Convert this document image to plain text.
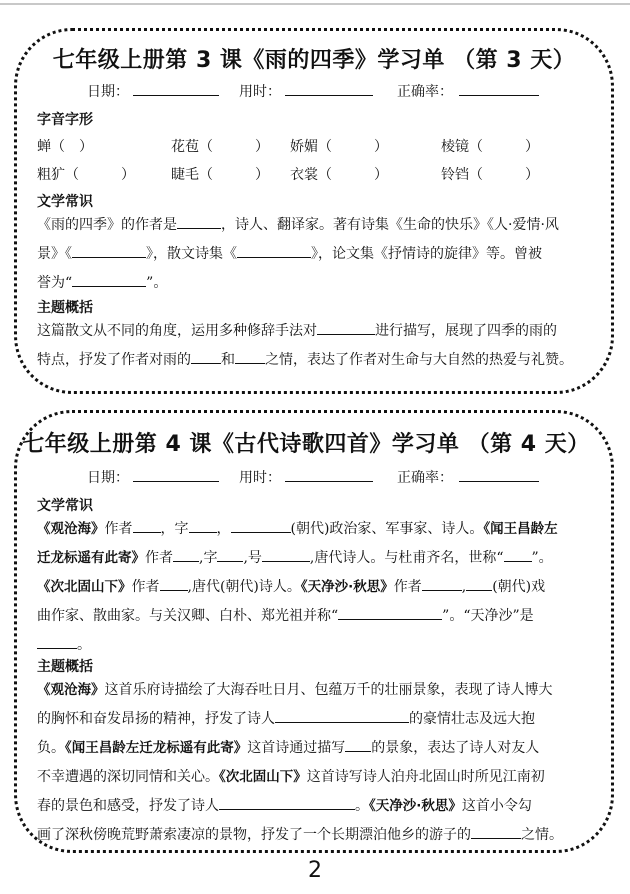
七年级上册第 3 课《雨的四季》学习单 （第 3 天）
日期：	用时：	正确率：
字音字形
蝉（　）	花苞（　　　） 娇媚（　　　）	棱镜（　　　）
粗犷（　　　）	睫毛（　　　） 衣裳（　　　）	铃铛（　　　）
文学常识
《雨的四季》的作者是	，诗人、翻译家。著有诗集《生命的快乐》《人·爱情·风
景》《	》，散文诗集《	》，论文集《抒情诗的旋律》等。曾被
誉为“	”。
主题概括
这篇散文从不同的角度，运用多种修辞手法对	进行描写，展现了四季的雨的
特点，抒发了作者对雨的 和 之情，表达了作者对生命与大自然的热爱与礼赞。
七年级上册第 4 课《古代诗歌四首》学习单 （第 4 天）
日期：	用时：	正确率：
文学常识
《观沧海》作者 ，字 ，	(朝代)政治家、军事家、诗人。《闻王昌龄左
迁龙标遥有此寄》作者 ,字 ,号	,唐代诗人。与杜甫齐名，世称“ ”。
《次北固山下》作者 ,唐代(朝代)诗人。《天净沙·秋思》作者	, (朝代)戏
曲作家、散曲家。与关汉卿、白朴、郑光祖并称“	”。“天净沙”是
。
主题概括
《观沧海》这首乐府诗描绘了大海吞吐日月、包蕴万千的壮丽景象，表现了诗人博大
的胸怀和奋发昂扬的精神，抒发了诗人	的豪情壮志及远大抱
负。《闻王昌龄左迁龙标遥有此寄》这首诗通过描写 的景象，表达了诗人对友人
不幸遭遇的深切同情和关心。《次北固山下》这首诗写诗人泊舟北固山时所见江南初
春的景色和感受，抒发了诗人	。《天净沙·秋思》这首小令勾
画了深秋傍晚荒野萧索凄凉的景物，抒发了一个长期漂泊他乡的游子的	之情。
2
